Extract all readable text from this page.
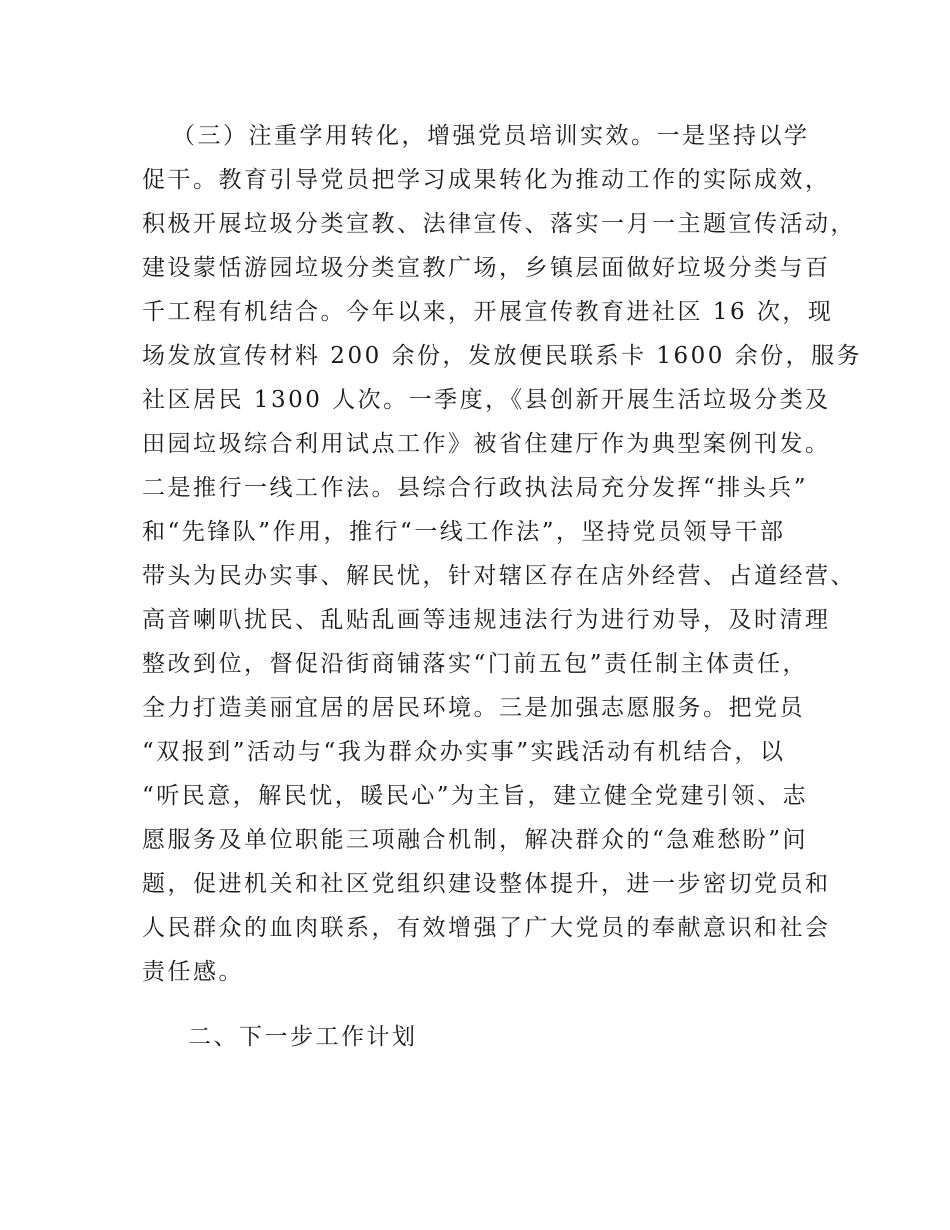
（三）注重学用转化，增强党员培训实效。一是坚持以学
促干。教育引导党员把学习成果转化为推动工作的实际成效，
积极开展垃圾分类宣教、法律宣传、落实一月一主题宣传活动，
建设蒙恬游园垃圾分类宣教广场，乡镇层面做好垃圾分类与百
千工程有机结合。今年以来，开展宣传教育进社区 16 次，现
场发放宣传材料 200 余份，发放便民联系卡 1600 余份，服务
社区居民 1300 人次。一季度，《县创新开展生活垃圾分类及
田园垃圾综合利用试点工作》被省住建厅作为典型案例刊发。
二是推行一线工作法。县综合行政执法局充分发挥“排头兵”
和“先锋队”作用，推行“一线工作法”，坚持党员领导干部
带头为民办实事、解民忧，针对辖区存在店外经营、占道经营、
高音喇叭扰民、乱贴乱画等违规违法行为进行劝导，及时清理
整改到位，督促沿街商铺落实“门前五包”责任制主体责任，
全力打造美丽宜居的居民环境。三是加强志愿服务。把党员
“双报到”活动与“我为群众办实事”实践活动有机结合，以
“听民意，解民忧，暖民心”为主旨，建立健全党建引领、志
愿服务及单位职能三项融合机制，解决群众的“急难愁盼”问
题，促进机关和社区党组织建设整体提升，进一步密切党员和
人民群众的血肉联系，有效增强了广大党员的奉献意识和社会
责任感。
二、下一步工作计划
